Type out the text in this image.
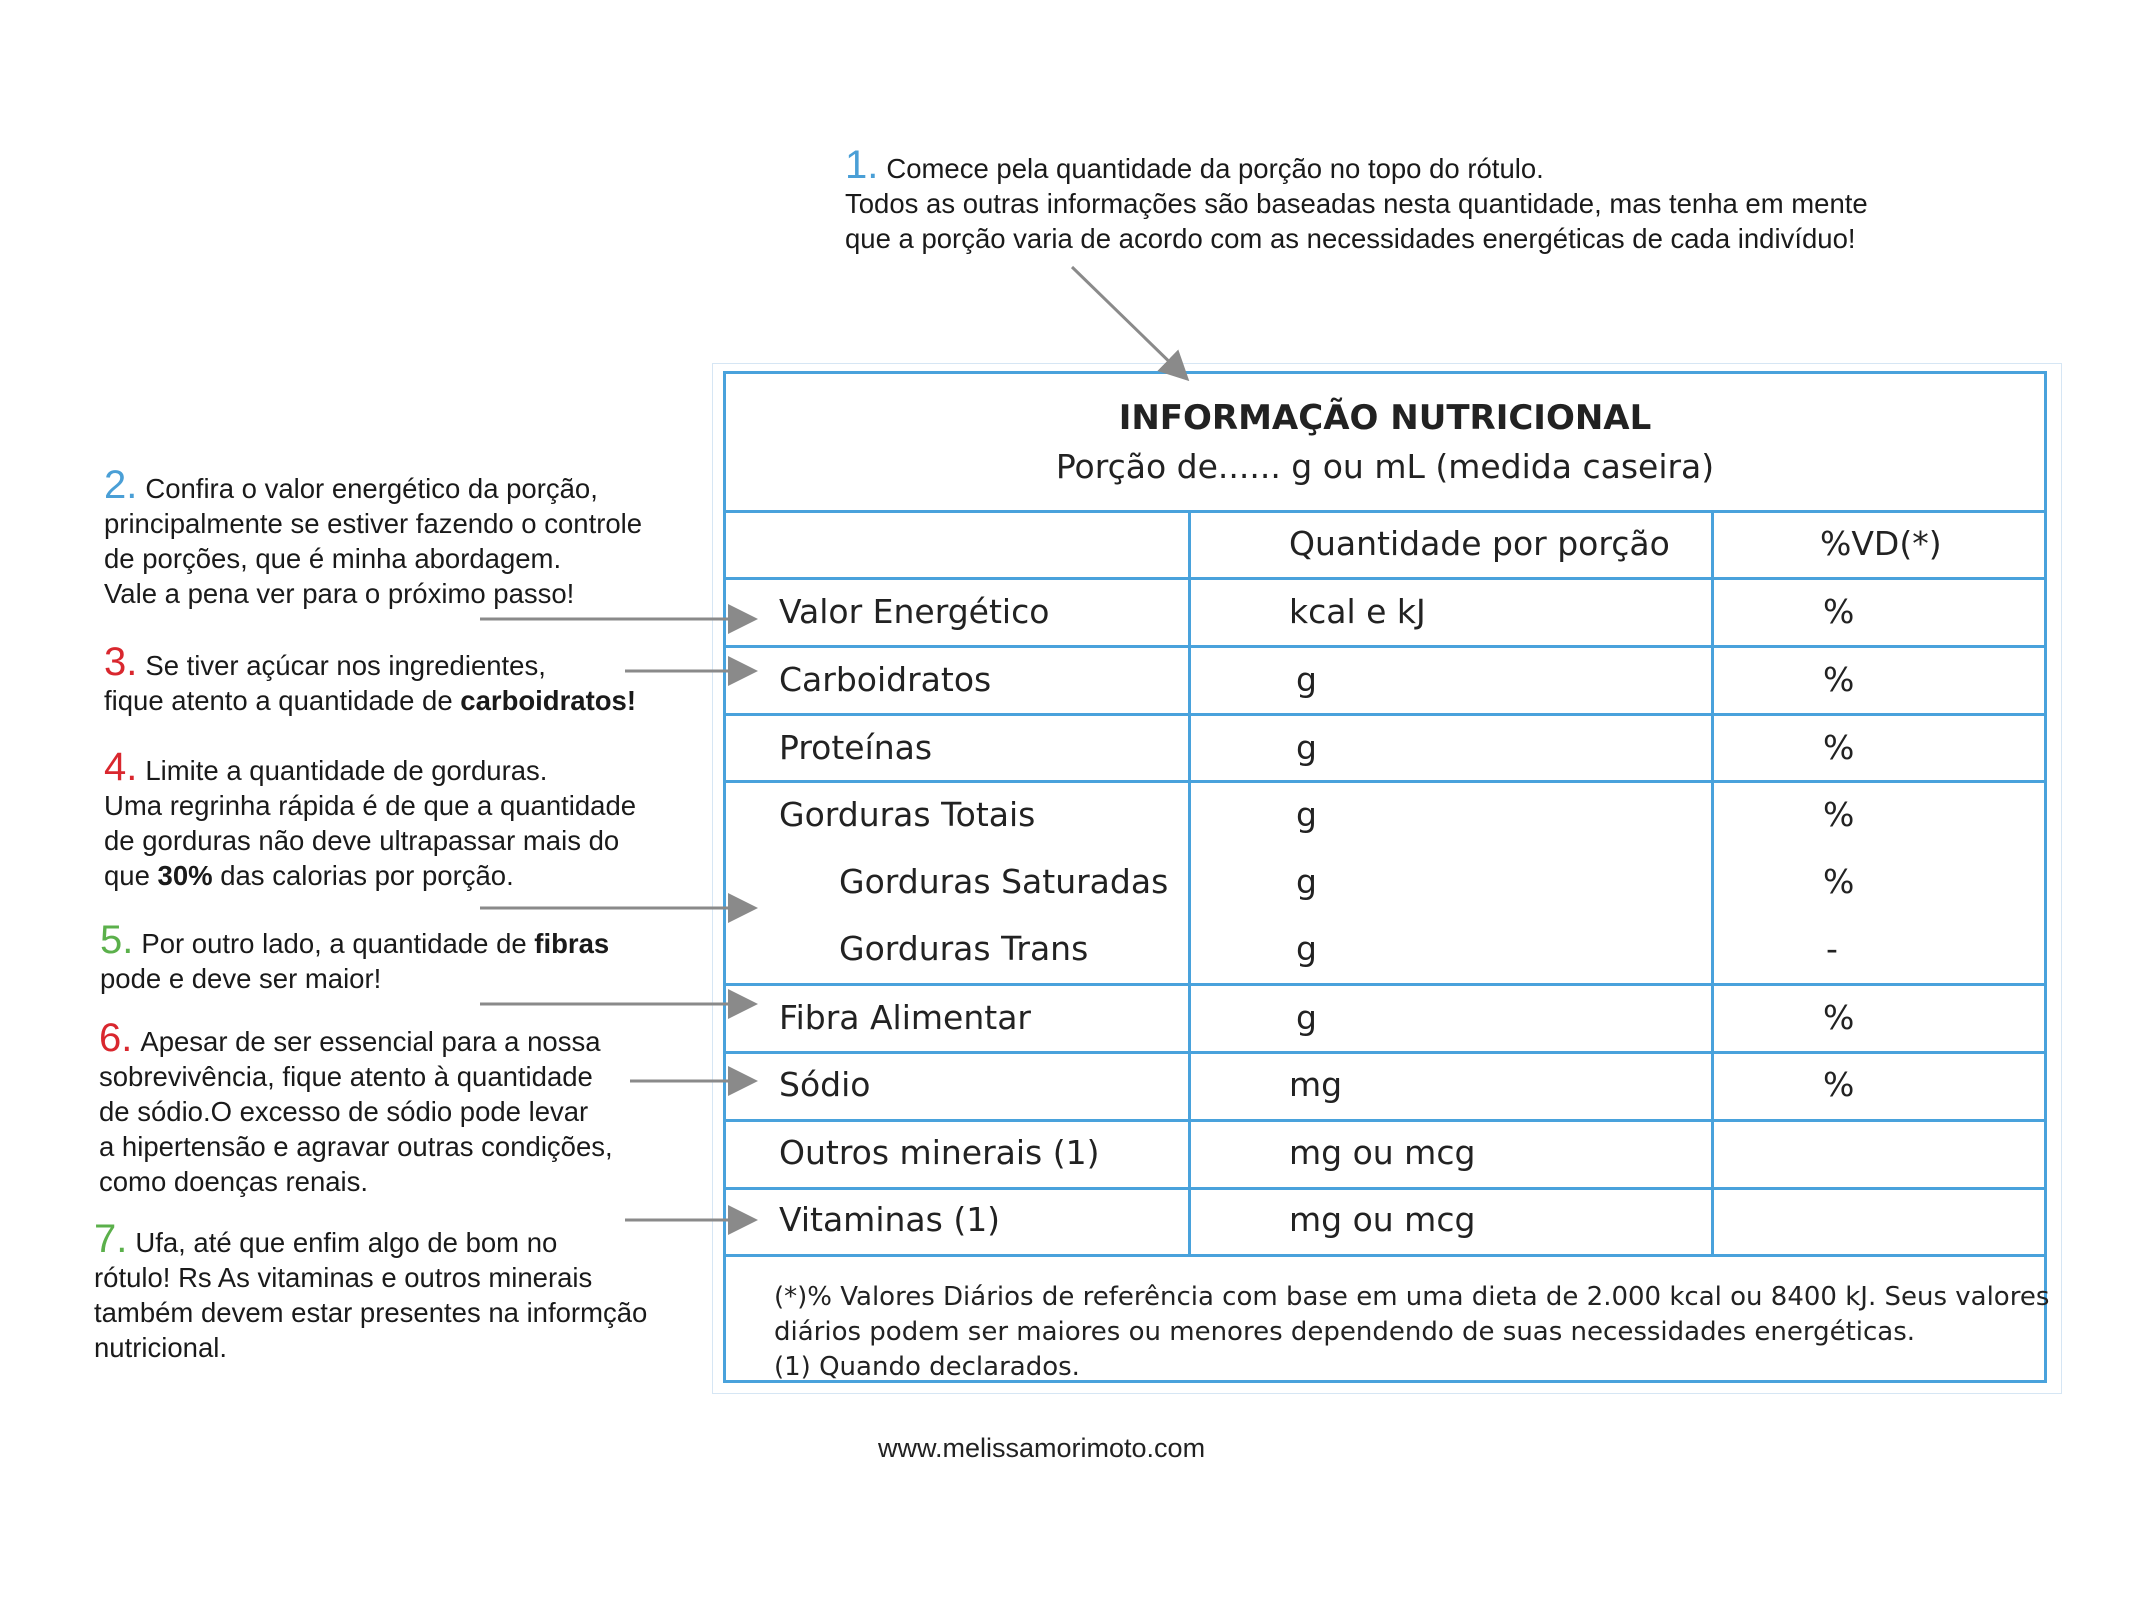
1. Comece pela quantidade da porção no topo do rótulo.
Todos as outras informações são baseadas nesta quantidade, mas tenha em mente
que a porção varia de acordo com as necessidades energéticas de cada indivíduo!
2. Confira o valor energético da porção,
principalmente se estiver fazendo o controle
de porções, que é minha abordagem.
Vale a pena ver para o próximo passo!
3. Se tiver açúcar nos ingredientes,
fique atento a quantidade de carboidratos!
4. Limite a quantidade de gorduras.
Uma regrinha rápida é de que a quantidade
de gorduras não deve ultrapassar mais do
que 30% das calorias por porção.
5. Por outro lado, a quantidade de fibras
pode e deve ser maior!
6. Apesar de ser essencial para a nossa
sobrevivência, fique atento à quantidade
de sódio.O excesso de sódio pode levar
a hipertensão e agravar outras condições,
como doenças renais.
7. Ufa, até que enfim algo de bom no
rótulo! Rs As vitaminas e outros minerais
também devem estar presentes na informção
nutricional.
INFORMAÇÃO NUTRICIONAL
Porção de...... g ou mL (medida caseira)
Quantidade por porção	%VD(*)
Valor Energético	kcal e kJ	%
Carboidratos	g	%
Proteínas	g	%
Gorduras Totais	g	%
Gorduras Saturadas	g	%
Gorduras Trans	g	-
Fibra Alimentar	g	%
Sódio	mg	%
Outros minerais (1)	mg ou mcg
Vitaminas (1)	mg ou mcg
(*)% Valores Diários de referência com base em uma dieta de 2.000 kcal ou 8400 kJ. Seus valores
diários podem ser maiores ou menores dependendo de suas necessidades energéticas.
(1) Quando declarados.
www.melissamorimoto.com
